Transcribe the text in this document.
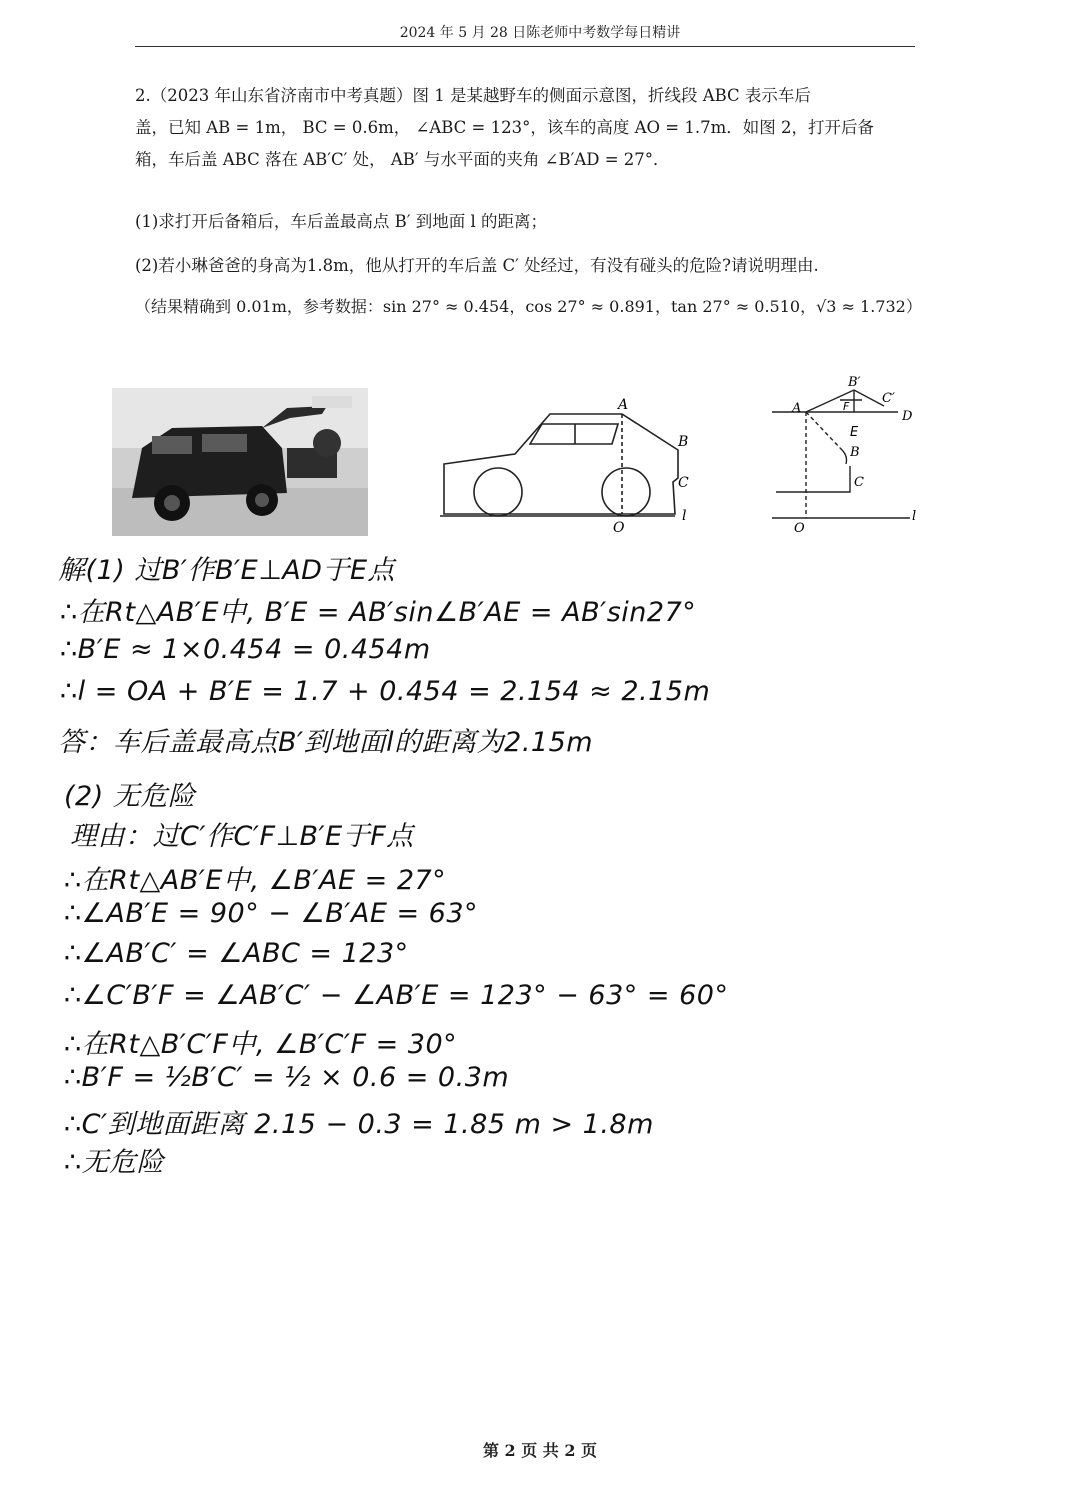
2024 年 5 月 28 日陈老师中考数学每日精讲

2.（2023 年山东省济南市中考真题）图 1 是某越野车的侧面示意图，折线段 ABC 表示车后

盖，已知 AB = 1m， BC = 0.6m， ∠ABC = 123°，该车的高度 AO = 1.7m．如图 2，打开后备

箱，车后盖 ABC 落在 AB′C′ 处， AB′ 与水平面的夹角 ∠B′AD = 27°．

(1)求打开后备箱后，车后盖最高点 B′ 到地面 l 的距离；
(2)若小琳爸爸的身高为1.8m，他从打开的车后盖 C′ 处经过，有没有碰头的危险?请说明理由.
（结果精确到 0.01m，参考数据：sin 27° ≈ 0.454，cos 27° ≈ 0.891，tan 27° ≈ 0.510，√3 ≈ 1.732）
A
B
C
O
l
B′
C′
A
D
F
E
B
C
O
l
解(1) 过B′作B′E⊥AD于E点
∴在Rt△AB′E中, B′E = AB′sin∠B′AE = AB′sin27°
∴B′E ≈ 1×0.454 = 0.454m
∴l = OA + B′E = 1.7 + 0.454 = 2.154 ≈ 2.15m
答：车后盖最高点B′到地面l的距离为2.15m
(2) 无危险
理由：过C′作C′F⊥B′E于F点
∴在Rt△AB′E中, ∠B′AE = 27°
∴∠AB′E = 90° − ∠B′AE = 63°
∴∠AB′C′ = ∠ABC = 123°
∴∠C′B′F = ∠AB′C′ − ∠AB′E = 123° − 63° = 60°
∴在Rt△B′C′F中, ∠B′C′F = 30°
∴B′F = ½B′C′ = ½ × 0.6 = 0.3m
∴C′到地面距离 2.15 − 0.3 = 1.85 m > 1.8m
∴无危险
第 2 页 共 2 页
